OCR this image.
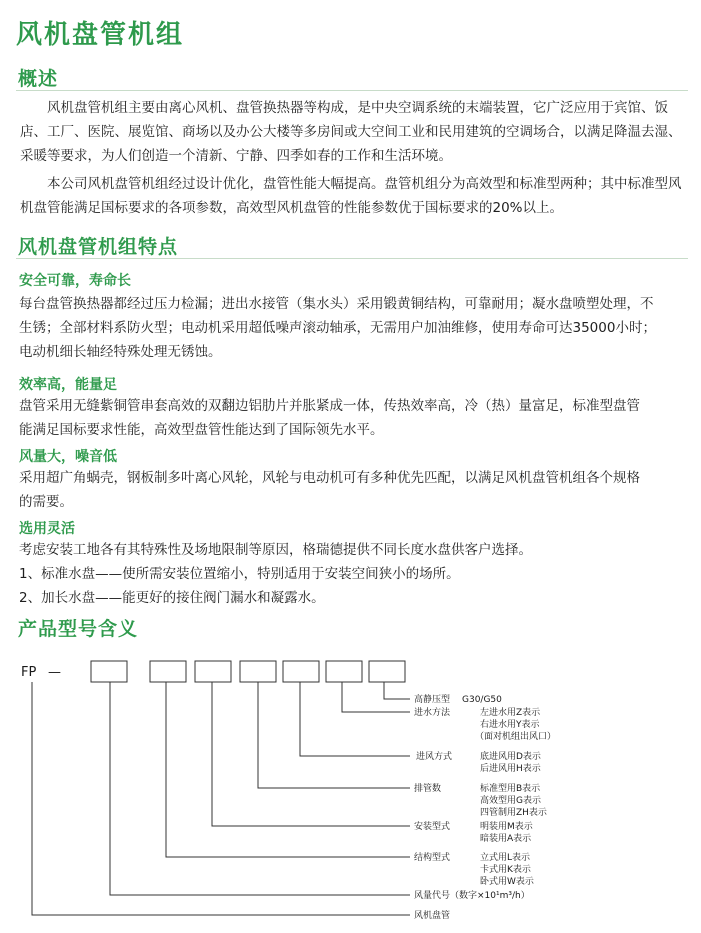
风机盘管机组
概述

风机盘管机组主要由离心风机、盘管换热器等构成，是中央空调系统的末端装置，它广泛应用于宾馆、饭店、工厂、医院、展览馆、商场以及办公大楼等多房间或大空间工业和民用建筑的空调场合，以满足降温去湿、采暖等要求，为人们创造一个清新、宁静、四季如春的工作和生活环境。

本公司风机盘管机组经过设计优化，盘管性能大幅提高。盘管机组分为高效型和标准型两种；其中标准型风机盘管能满足国标要求的各项参数，高效型风机盘管的性能参数优于国标要求的20%以上。

风机盘管机组特点

安全可靠，寿命长

每台盘管换热器都经过压力检漏；进出水接管（集水头）采用锻黄铜结构，可靠耐用；凝水盘喷塑处理，不

生锈；全部材料系防火型；电动机采用超低噪声滚动轴承，无需用户加油维修，使用寿命可达35000小时；

电动机细长轴经特殊处理无锈蚀。

效率高，能量足

盘管采用无缝紫铜管串套高效的双翻边铝肋片并胀紧成一体，传热效率高，冷（热）量富足，标准型盘管

能满足国标要求性能，高效型盘管性能达到了国际领先水平。

风量大，噪音低

采用超广角蜗壳，钢板制多叶离心风轮，风轮与电动机可有多种优先匹配，以满足风机盘管机组各个规格

的需要。

选用灵活

考虑安装工地各有其特殊性及场地限制等原因，格瑞德提供不同长度水盘供客户选择。

1、标准水盘——使所需安装位置缩小，特别适用于安装空间狭小的场所。

2、加长水盘——能更好的接住阀门漏水和凝露水。

产品型号含义
FP —
高静压型 G30/G50
进水方法	左进水用Z表示
右进水用Y表示
（面对机组出风口）
进风方式	底进风用D表示
后进风用H表示
排管数	标准型用B表示
高效型用G表示
四管制用ZH表示
安装型式	明装用M表示
暗装用A表示
结构型式	立式用L表示
卡式用K表示
卧式用W表示
风量代号（数字×10¹m³/h）
风机盘管
